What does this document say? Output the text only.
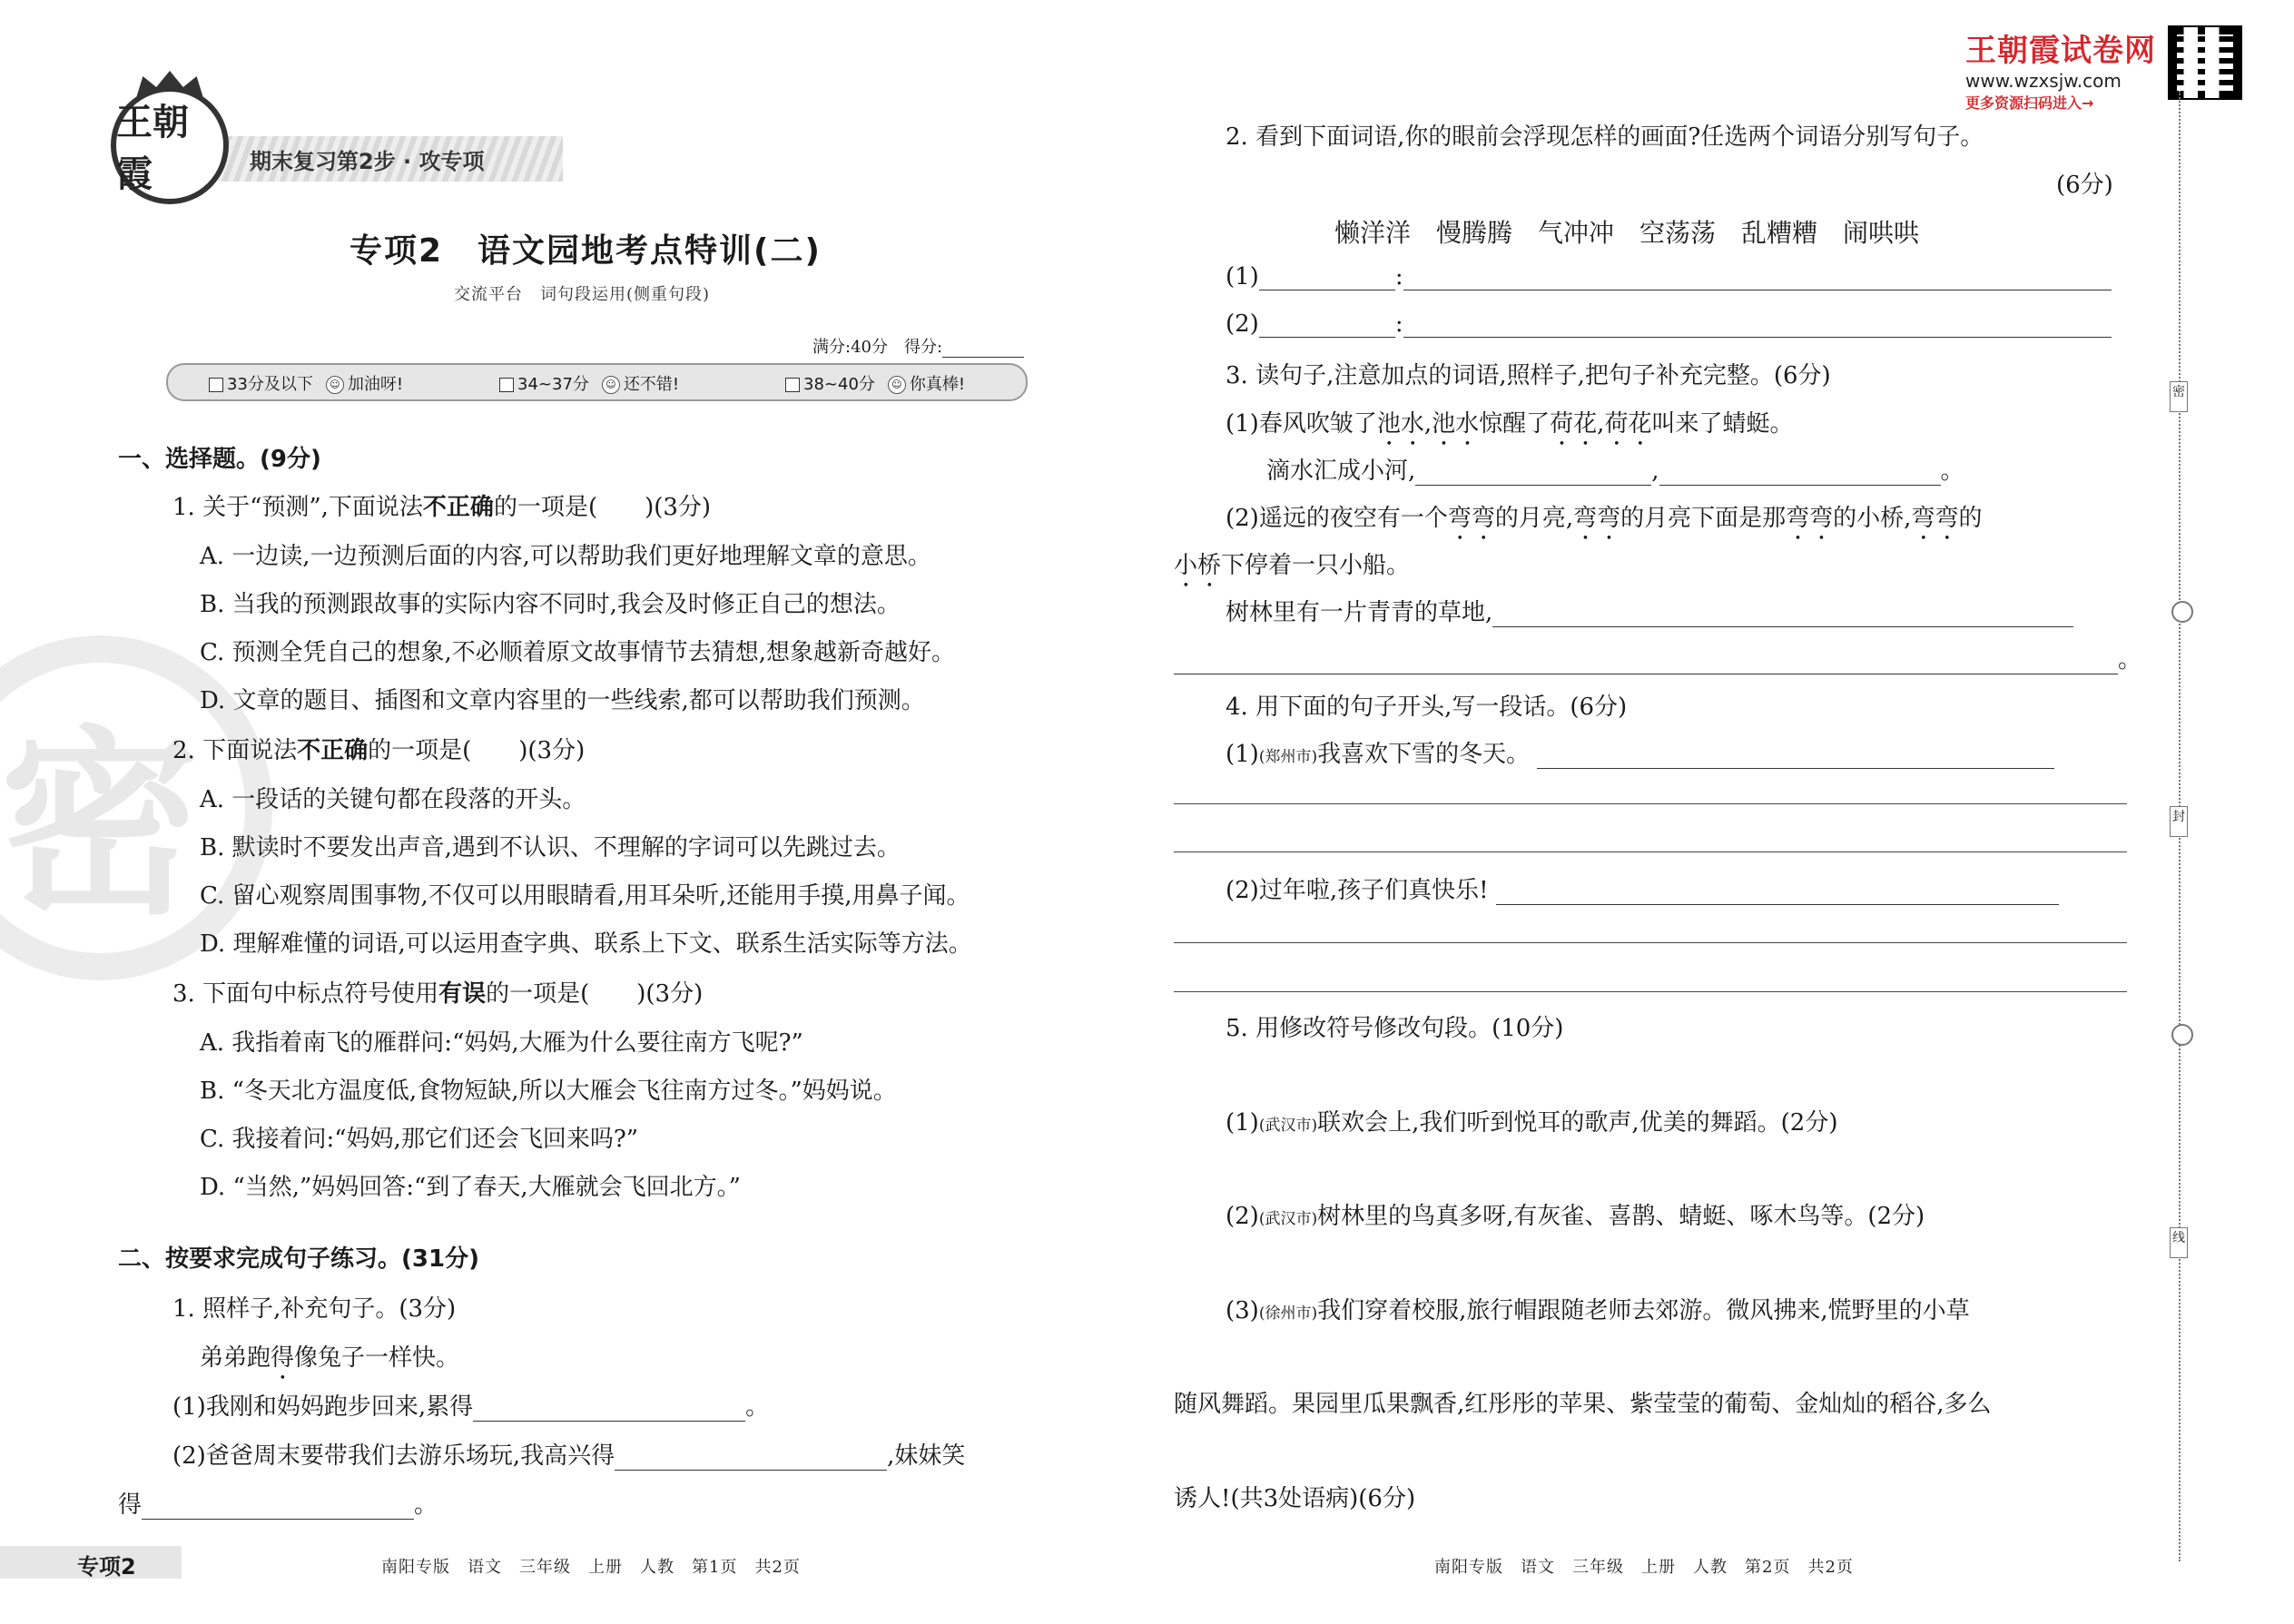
密
期末复习第2步 · 攻专项
王朝霞
专项2　语文园地考点特训(二)
交流平台　词句段运用(侧重句段)
满分:40分　得分:
33分及以下 ☺ 加油呀!	34~37分 ☺ 还不错!	38~40分 ☺ 你真棒!
一、选择题。(9分)
1. 关于“预测”,下面说法不正确的一项是(　　)(3分)
A. 一边读,一边预测后面的内容,可以帮助我们更好地理解文章的意思。
B. 当我的预测跟故事的实际内容不同时,我会及时修正自己的想法。
C. 预测全凭自己的想象,不必顺着原文故事情节去猜想,想象越新奇越好。
D. 文章的题目、插图和文章内容里的一些线索,都可以帮助我们预测。
2. 下面说法不正确的一项是(　　)(3分)
A. 一段话的关键句都在段落的开头。
B. 默读时不要发出声音,遇到不认识、不理解的字词可以先跳过去。
C. 留心观察周围事物,不仅可以用眼睛看,用耳朵听,还能用手摸,用鼻子闻。
D. 理解难懂的词语,可以运用查字典、联系上下文、联系生活实际等方法。
3. 下面句中标点符号使用有误的一项是(　　)(3分)
A. 我指着南飞的雁群问:“妈妈,大雁为什么要往南方飞呢?”
B. “冬天北方温度低,食物短缺,所以大雁会飞往南方过冬。”妈妈说。
C. 我接着问:“妈妈,那它们还会飞回来吗?”
D. “当然,”妈妈回答:“到了春天,大雁就会飞回北方。”
二、按要求完成句子练习。(31分)
1. 照样子,补充句子。(3分)
弟弟跑得像兔子一样快。
(1)我刚和妈妈跑步回来,累得	。
(2)爸爸周末要带我们去游乐场玩,我高兴得	,妹妹笑
得	。
专项2	南阳专版　语文　三年级　上册　人教　第1页　共2页
王朝霞试卷网
www.wzxsjw.com
更多资源扫码进入→
2. 看到下面词语,你的眼前会浮现怎样的画面?任选两个词语分别写句子。
(6分)
懒洋洋　慢腾腾　气冲冲　空荡荡　乱糟糟　闹哄哄
(1)	:
(2)	:
3. 读句子,注意加点的词语,照样子,把句子补充完整。(6分)
(1)春风吹皱了池水,池水惊醒了荷花,荷花叫来了蜻蜓。
滴水汇成小河,	,	。
(2)遥远的夜空有一个弯弯的月亮,弯弯的月亮下面是那弯弯的小桥,弯弯的
小桥下停着一只小船。
树林里有一片青青的草地,
。
4. 用下面的句子开头,写一段话。(6分)
(1)(郑州市)我喜欢下雪的冬天。
(2)过年啦,孩子们真快乐!
5. 用修改符号修改句段。(10分)
(1)(武汉市)联欢会上,我们听到悦耳的歌声,优美的舞蹈。(2分)
(2)(武汉市)树林里的鸟真多呀,有灰雀、喜鹊、蜻蜓、啄木鸟等。(2分)
(3)(徐州市)我们穿着校服,旅行帽跟随老师去郊游。微风拂来,慌野里的小草
随风舞蹈。果园里瓜果飘香,红彤彤的苹果、紫莹莹的葡萄、金灿灿的稻谷,多么
诱人!(共3处语病)(6分)
南阳专版　语文　三年级　上册　人教　第2页　共2页
密
封
线
